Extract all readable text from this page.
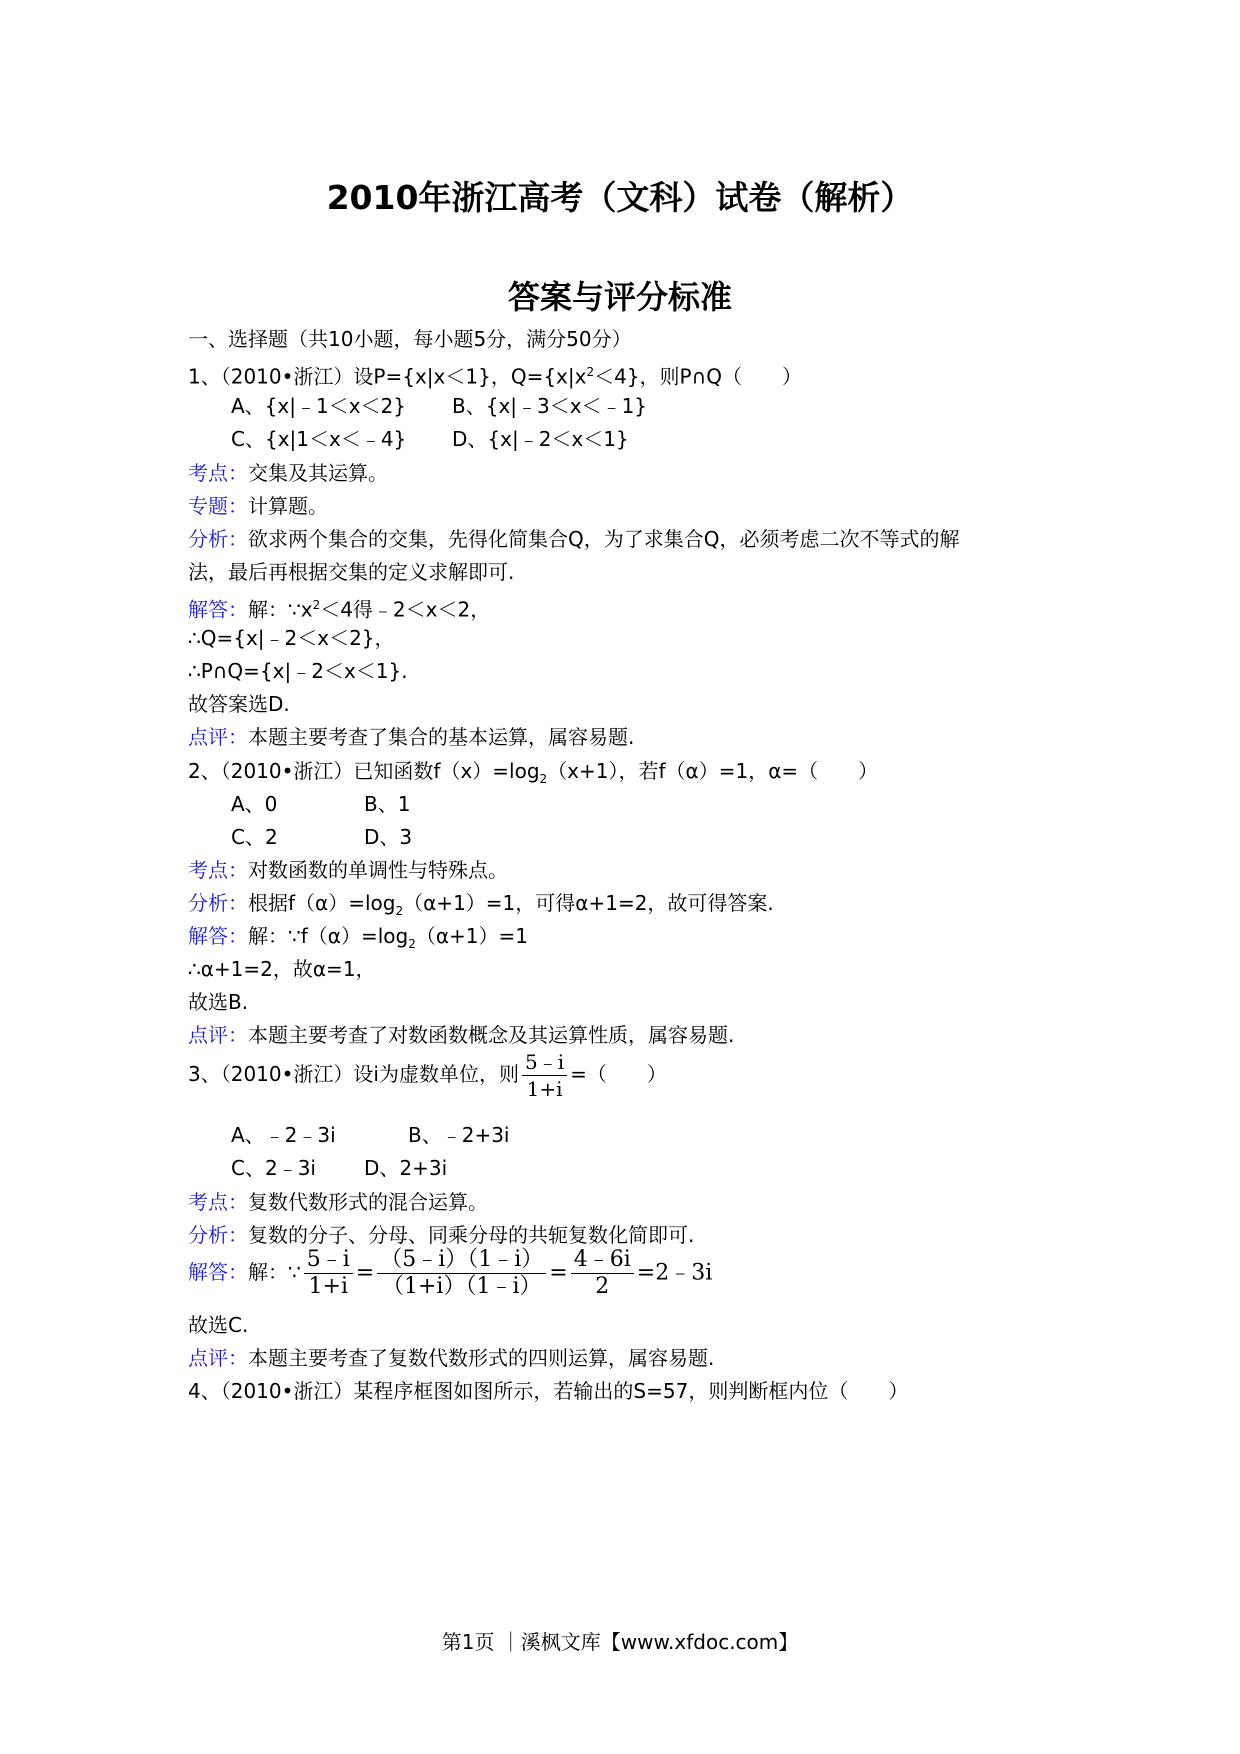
2010年浙江高考（文科）试卷（解析）
答案与评分标准
一、选择题（共10小题，每小题5分，满分50分）
1、（2010•浙江）设P={x|x＜1}，$Q=\{x|x^2<4\}$，则P∩Q（　　）
A、{x|﹣1＜x＜2} B、{x|﹣3＜x＜﹣1}
C、{x|1＜x＜﹣4} D、{x|﹣2＜x＜1}
考点：交集及其运算。
专题：计算题。
分析：欲求两个集合的交集，先得化简集合Q，为了求集合Q，必须考虑二次不等式的解
法，最后再根据交集的定义求解即可.
解答：解：$\because x^2<4$得﹣2＜x＜2，
∴Q={x|﹣2＜x＜2}，
∴P∩Q={x|﹣2＜x＜1}.
故答案选D.
点评：本题主要考查了集合的基本运算，属容易题.
2、（2010•浙江）已知函数$f(x)=\log_2(x+1)$，若f（α）=1，α=（　　）
A、0	B、1
C、2	D、3
考点：对数函数的单调性与特殊点。
分析：根据$f(\alpha)=\log_2(\alpha+1)=1$，可得α+1=2，故可得答案.
解答：解：$\because f(\alpha)=\log_2(\alpha+1)=1$
∴α+1=2，故α=1，
故选B.
点评：本题主要考查了对数函数概念及其运算性质，属容易题.
3、（2010•浙江）设i为虚数单位，则 $\frac{5﹣i}{1+i}$ =（　　）
A、﹣2﹣3i	B、﹣2+3i
C、2﹣3i D、2+3i
考点：复数代数形式的混合运算。
分析：复数的分子、分母、同乘分母的共轭复数化简即可.
解答：解：∵ $\frac{5﹣i}{1+i} = \frac{(5﹣i)(1﹣i)}{(1+i)(1﹣i)} = \frac{4﹣6i}{2}$ =2﹣3i
故选C.
点评：本题主要考查了复数代数形式的四则运算，属容易题.
4、（2010•浙江）某程序框图如图所示，若输出的S=57，则判断框内位（　　）
第1页 ｜溪枫文库【www.xfdoc.com】
